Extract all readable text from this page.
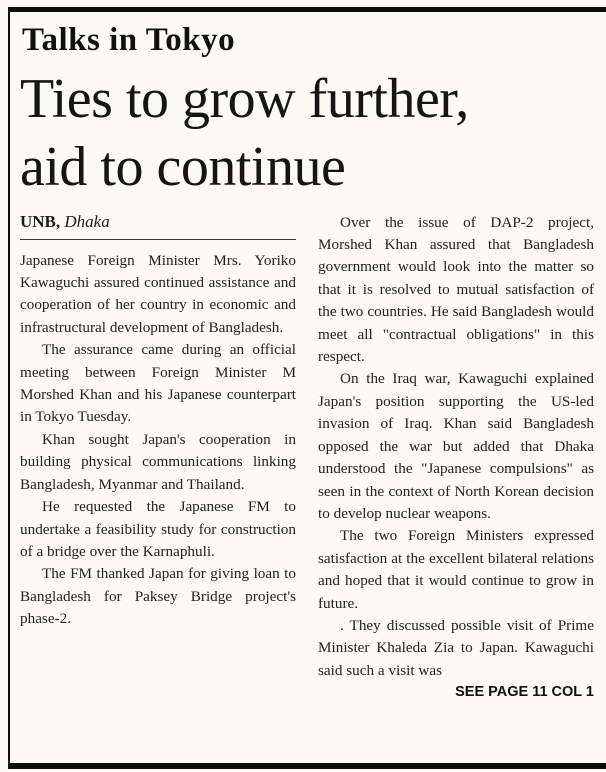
Talks in Tokyo
Ties to grow further,
aid to continue
UNB, Dhaka

Japanese Foreign Minister Mrs. Yoriko Kawaguchi assured continued assistance and cooperation of her country in economic and infrastructural development of Bangladesh.

The assurance came during an official meeting between Foreign Minister M Morshed Khan and his Japanese counterpart in Tokyo Tuesday.

Khan sought Japan's cooperation in building physical communications linking Bangladesh, Myanmar and Thailand.

He requested the Japanese FM to undertake a feasibility study for construction of a bridge over the Karnaphuli.

The FM thanked Japan for giving loan to Bangladesh for Paksey Bridge project's phase-2.

Over the issue of DAP-2 project, Morshed Khan assured that Bangladesh government would look into the matter so that it is resolved to mutual satisfaction of the two countries. He said Bangladesh would meet all "contractual obligations" in this respect.

On the Iraq war, Kawaguchi explained Japan's position supporting the US-led invasion of Iraq. Khan said Bangladesh opposed the war but added that Dhaka understood the "Japanese compulsions" as seen in the context of North Korean decision to develop nuclear weapons.

The two Foreign Ministers expressed satisfaction at the excellent bilateral relations and hoped that it would continue to grow in future.

. They discussed possible visit of Prime Minister Khaleda Zia to Japan. Kawaguchi said such a visit was

SEE PAGE 11 COL 1
